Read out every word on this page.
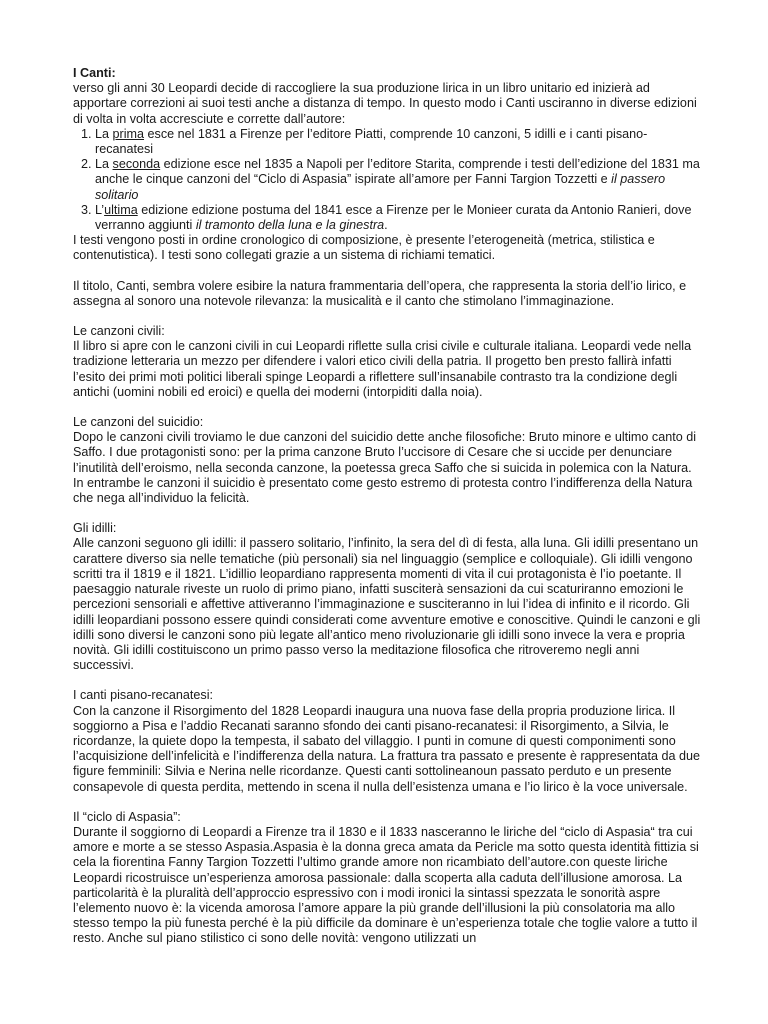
I Canti:

verso gli anni 30 Leopardi decide di raccogliere la sua produzione lirica in un libro unitario ed inizierà ad apportare correzioni ai suoi testi anche a distanza di tempo. In questo modo i Canti usciranno in diverse edizioni di volta in volta accresciute e corrette dall’autore:

1. La prima esce nel 1831 a Firenze per l’editore Piatti, comprende 10 canzoni, 5 idilli e i canti pisano-recanatesi
2. La seconda edizione esce nel 1835 a Napoli per l’editore Starita, comprende i testi dell’edizione del 1831 ma anche le cinque canzoni del “Ciclo di Aspasia” ispirate all’amore per Fanni Targion Tozzetti e il passero solitario
3. L’ultima edizione edizione postuma del 1841 esce a Firenze per le Monieer curata da Antonio Ranieri, dove verranno aggiunti il tramonto della luna e la ginestra.

I testi vengono posti in ordine cronologico di composizione, è presente l’eterogeneità (metrica, stilistica e contenutistica). I testi sono collegati grazie a un sistema di richiami tematici.

Il titolo, Canti, sembra volere esibire la natura frammentaria dell’opera, che rappresenta la storia dell’io lirico, e assegna al sonoro una notevole rilevanza: la musicalità e il canto che stimolano l’immaginazione.

Le canzoni civili:

Il libro si apre con le canzoni civili in cui Leopardi riflette sulla crisi civile e culturale italiana. Leopardi vede nella tradizione letteraria un mezzo per difendere i valori etico civili della patria. Il progetto ben presto fallirà infatti l’esito dei primi moti politici liberali spinge Leopardi a riflettere sull’insanabile contrasto tra la condizione degli antichi (uomini nobili ed eroici) e quella dei moderni (intorpiditi dalla noia).

Le canzoni del suicidio:

Dopo le canzoni civili troviamo le due canzoni del suicidio dette anche filosofiche: Bruto minore e ultimo canto di Saffo. I due protagonisti sono: per la prima canzone Bruto l’uccisore di Cesare che si uccide per denunciare l’inutilità dell’eroismo, nella seconda canzone, la poetessa greca Saffo che si suicida in polemica con la Natura. In entrambe le canzoni il suicidio è presentato come gesto estremo di protesta contro l’indifferenza della Natura che nega all’individuo la felicità.

Gli idilli:

Alle canzoni seguono gli idilli: il passero solitario, l’infinito, la sera del dì di festa, alla luna. Gli idilli presentano un carattere diverso sia nelle tematiche (più personali) sia nel linguaggio (semplice e colloquiale). Gli idilli vengono scritti tra il 1819 e il 1821. L’idillio leopardiano rappresenta momenti di vita il cui protagonista è l’io poetante. Il paesaggio naturale riveste un ruolo di primo piano, infatti susciterà sensazioni da cui scaturiranno emozioni le percezioni sensoriali e affettive attiveranno l’immaginazione e susciteranno in lui l’idea di infinito e il ricordo. Gli idilli leopardiani possono essere quindi considerati come avventure emotive e conoscitive. Quindi le canzoni e gli idilli sono diversi le canzoni sono più legate all’antico meno rivoluzionarie gli idilli sono invece la vera e propria novità. Gli idilli costituiscono un primo passo verso la meditazione filosofica che ritroveremo negli anni successivi.

I canti pisano-recanatesi:

Con la canzone il Risorgimento del 1828 Leopardi inaugura una nuova fase della propria produzione lirica. Il soggiorno a Pisa e l’addio Recanati saranno sfondo dei canti pisano-recanatesi: il Risorgimento, a Silvia, le ricordanze, la quiete dopo la tempesta, il sabato del villaggio. I punti in comune di questi componimenti sono l’acquisizione dell’infelicità e l’indifferenza della natura. La frattura tra passato e presente è rappresentata da due figure femminili: Silvia e Nerina nelle ricordanze. Questi canti sottolineanoun passato perduto e un presente consapevole di questa perdita, mettendo in scena il nulla dell’esistenza umana e l’io lirico è la voce universale.

Il “ciclo di Aspasia”:

Durante il soggiorno di Leopardi a Firenze tra il 1830 e il 1833 nasceranno le liriche del “ciclo di Aspasia“ tra cui amore e morte a se stesso Aspasia.Aspasia è la donna greca amata da Pericle ma sotto questa identità fittizia si cela la fiorentina Fanny Targion Tozzetti l’ultimo grande amore non ricambiato dell’autore.con queste liriche Leopardi ricostruisce un’esperienza amorosa passionale: dalla scoperta alla caduta dell’illusione amorosa. La particolarità è la pluralità dell’approccio espressivo con i modi ironici la sintassi spezzata le sonorità aspre l’elemento nuovo è: la vicenda amorosa l’amore appare la più grande dell’illusioni la più consolatoria ma allo stesso tempo la più funesta perché è la più difficile da dominare è un’esperienza totale che toglie valore a tutto il resto. Anche sul piano stilistico ci sono delle novità: vengono utilizzati un
